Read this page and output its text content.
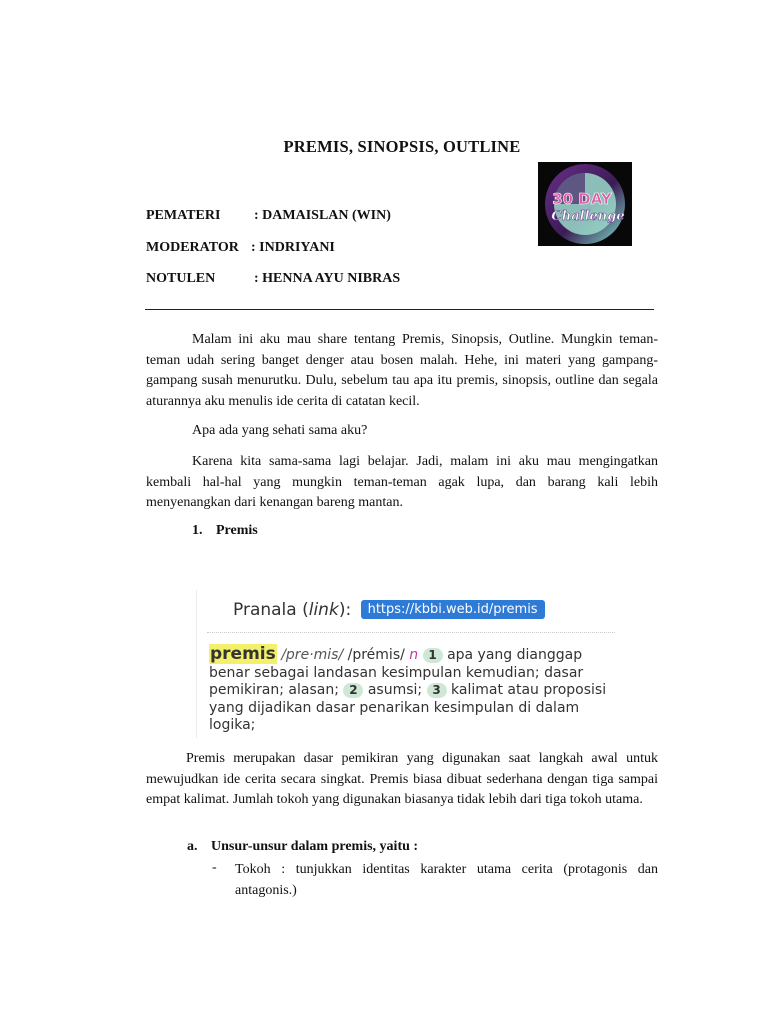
PREMIS, SINOPSIS, OUTLINE
PEMATERI : DAMAISLAN (WIN)
MODERATOR : INDRIYANI
NOTULEN	: HENNA AYU NIBRAS
30 DAY
Challenge
Malam ini aku mau share tentang Premis, Sinopsis, Outline. Mungkin teman-teman udah sering banget denger atau bosen malah. Hehe, ini materi yang gampang-gampang susah menurutku. Dulu, sebelum tau apa itu premis, sinopsis, outline dan segala aturannya aku menulis ide cerita di catatan kecil.
Apa ada yang sehati sama aku?
Karena kita sama-sama lagi belajar. Jadi, malam ini aku mau mengingatkan kembali hal-hal yang mungkin teman-teman agak lupa, dan barang kali lebih menyenangkan dari kenangan bareng mantan.
1. Premis
Pranala (link): https://kbbi.web.id/premis
premis /pre·mis/ /prémis/ n 1 apa yang dianggap benar sebagai landasan kesimpulan kemudian; dasar pemikiran; alasan; 2 asumsi; 3 kalimat atau proposisi yang dijadikan dasar penarikan kesimpulan di dalam logika;
Premis merupakan dasar pemikiran yang digunakan saat langkah awal untuk mewujudkan ide cerita secara singkat. Premis biasa dibuat sederhana dengan tiga sampai empat kalimat. Jumlah tokoh yang digunakan biasanya tidak lebih dari tiga tokoh utama.
a. Unsur-unsur dalam premis, yaitu :
- Tokoh : tunjukkan identitas karakter utama cerita (protagonis dan antagonis.)
